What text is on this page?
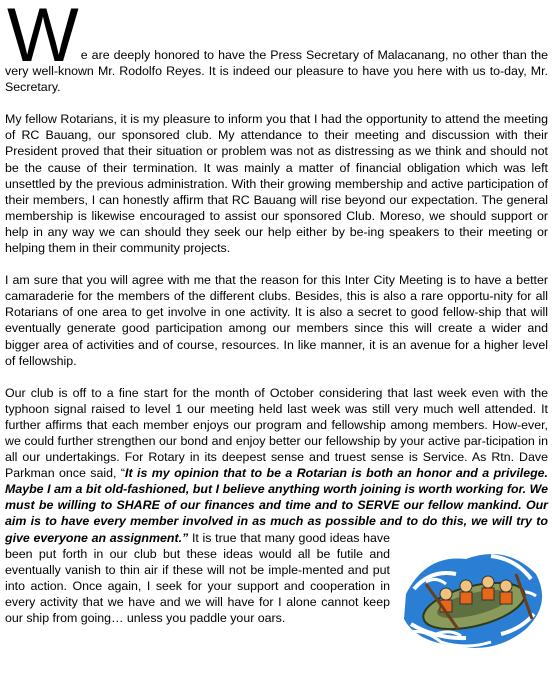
W e are deeply honored to have the Press Secretary of Malacanang, no other than the very well-known Mr. Rodolfo Reyes. It is indeed our pleasure to have you here with us to-day, Mr. Secretary.

My fellow Rotarians, it is my pleasure to inform you that I had the opportunity to attend the meeting of RC Bauang, our sponsored club. My attendance to their meeting and discussion with their President proved that their situation or problem was not as distressing as we think and should not be the cause of their termination. It was mainly a matter of financial obligation which was left unsettled by the previous administration. With their growing membership and active participation of their members, I can honestly affirm that RC Bauang will rise beyond our expectation. The general membership is likewise encouraged to assist our sponsored Club. Moreso, we should support or help in any way we can should they seek our help either by be-ing speakers to their meeting or helping them in their community projects.

I am sure that you will agree with me that the reason for this Inter City Meeting is to have a better camaraderie for the members of the different clubs. Besides, this is also a rare opportu-nity for all Rotarians of one area to get involve in one activity. It is also a secret to good fellow-ship that will eventually generate good participation among our members since this will create a wider and bigger area of activities and of course, resources. In like manner, it is an avenue for a higher level of fellowship.

Our club is off to a fine start for the month of October considering that last week even with the typhoon signal raised to level 1 our meeting held last week was still very much well attended. It further affirms that each member enjoys our program and fellowship among members. How-ever, we could further strengthen our bond and enjoy better our fellowship by your active par-ticipation in all our undertakings. For Rotary in its deepest sense and truest sense is Service. As Rtn. Dave Parkman once said, “It is my opinion that to be a Rotarian is both an honor and a privilege. Maybe I am a bit old-fashioned, but I believe anything worth joining is worth working for. We must be willing to SHARE of our finances and time and to SERVE our fellow mankind. Our aim is to have every member involved in as much as possible and to do this, we will try to give everyone an assignment.”
It is true that many good ideas have been put forth in our club but these ideas would all be futile and eventually vanish to thin air if these will not be imple-mented and put into action. Once again, I seek for your support and cooperation in every activity that we have and we will have for I alone cannot keep our ship from going… unless you paddle your oars.
